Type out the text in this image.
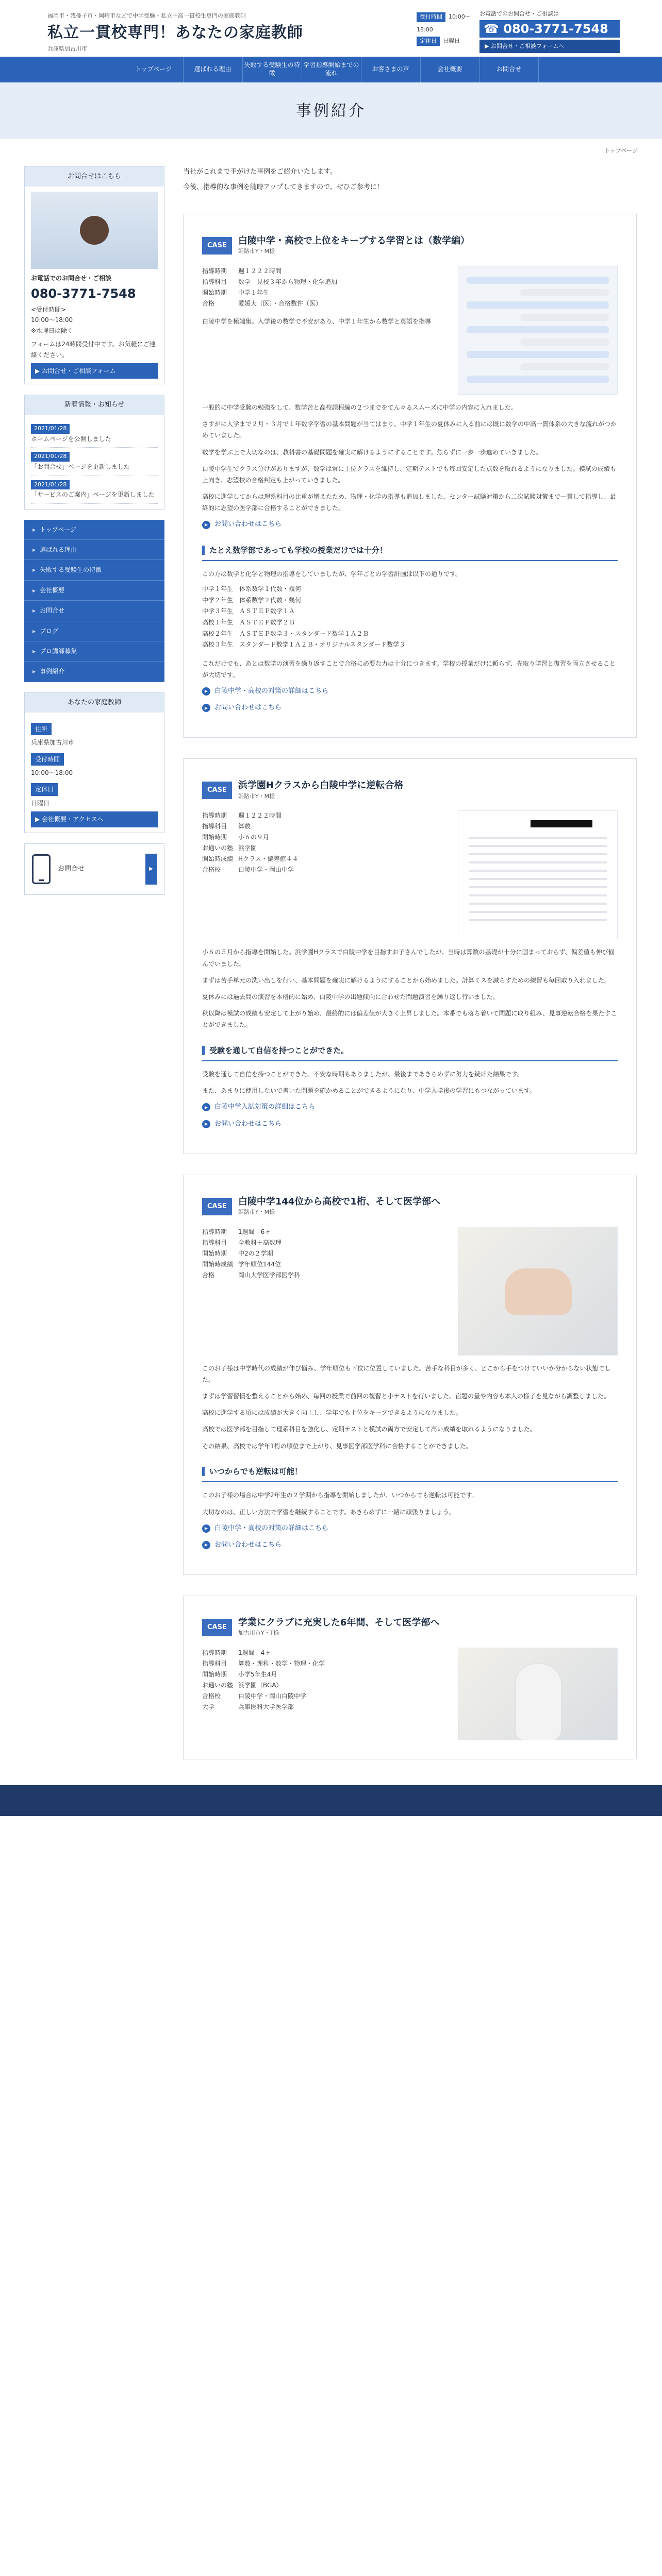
福岡市・我孫子市・岡崎市などで中学受験・私立中高一貫校生専門の家庭教師
私立一貫校専門！あなたの家庭教師
兵庫県加古川市
受付時間 10:00〜18:00
定休日 日曜日
お電話でのお問合せ・ご相談は
☎ 080-3771-7548
▶ お問合せ・ご相談フォームへ
トップページ	選ばれる理由
失敗する受験生の特徴
学習指導開始までの流れ
お客さまの声	会社概要	お問合せ
事例紹介
トップページ
お問合せはこちら
お電話でのお問合せ・ご相談
080-3771-7548
<受付時間>
10:00〜18:00
※水曜日は除く
フォームは24時間受付中です。お気軽にご連絡ください。
▶ お問合せ・ご相談フォーム
新着情報・お知らせ
2021/01/28
ホームページを公開しました
2021/01/28
「お問合せ」ページを更新しました
2021/01/28
「サービスのご案内」ページを更新しました
▶ トップページ
▶ 選ばれる理由
▶ 失敗する受験生の特徴
▶ 会社概要
▶ お問合せ
▶ ブログ
▶ プロ講師募集
▶ 事例紹介
あなたの家庭教師
住所
兵庫県加古川市
受付時間
10:00〜18:00
定休日
日曜日
▶ 会社概要・アクセスへ
お問合せ	▶

当社がこれまで手がけた事例をご紹介いたします。

今後、指導的な事例を随時アップしてきますので、ぜひご参考に！

CASE	白陵中学・高校で上位をキープする学習とは（数学編）
姫路市Y・M様
指導時期	週１２２２時間
指導科目	数学　見校３年から物理・化学追加
開始時期	中学１年生
合格	愛媛大（医）・合格数件（医）
白陵中学を極端集。入学後の数学で不安があり、中学１年生から数学と英語を指導

一般的に中学受験の勉強をして、数学苦と高校課程編の２つまでをてん々るスムーズに中学の内容に入れました。

さすがに入学まで２月・３月で１年数学学習の基本問題が当てはまり、中学１年生の夏休みに入る前には既に数学の中高一貫体系の大きな流れがつかめていました。

数学を学ぶ上で大切なのは、教科書の基礎問題を確実に解けるようにすることです。焦らずに一歩一歩進めていきました。

白陵中学生でクラス分けがありますが、数学は常に上位クラスを維持し、定期テストでも毎回安定した点数を取れるようになりました。模試の成績も上向き、志望校の合格判定も上がっていきました。

高校に進学してからは理系科目の比重が増えたため、物理・化学の指導も追加しました。センター試験対策から二次試験対策まで一貫して指導し、最終的に志望の医学部に合格することができました。

▶ お問い合わせはこちら
たとえ数学部であっても学校の授業だけでは十分！
この方は数学と化学と物理の指導をしていましたが、学年ごとの学習計画は以下の通りです。
中学１年生　体系数学１代数・幾何
中学２年生　体系数学２代数・幾何
中学３年生　ＡＳＴＥＰ数学１Ａ
高校１年生　ＡＳＴＥＰ数学２Ｂ
高校２年生　ＡＳＴＥＰ数学３・スタンダード数学１Ａ２Ｂ
高校３年生　スタンダード数学１Ａ２Ｂ・オリジナルスタンダード数学３

これだけでも、あとは数学の演習を繰り返すことで合格に必要な力は十分につきます。学校の授業だけに頼らず、先取り学習と復習を両立させることが大切です。

▶ 白陵中学・高校の対策の詳細はこちら
▶ お問い合わせはこちら
CASE	浜学園Hクラスから白陵中学に逆転合格
姫路市Y・M様
指導時期	週１２２２時間
指導科目	算数
開始時期	小６の９月
お通いの塾 浜学園
開始時成績 Hクラス・偏差値４４
合格校	白陵中学・岡山中学

小６の５月から指導を開始した。浜学園Hクラスで白陵中学を目指すお子さんでしたが、当時は算数の基礎が十分に固まっておらず、偏差値も伸び悩んでいました。

まずは苦手単元の洗い出しを行い、基本問題を確実に解けるようにすることから始めました。計算ミスを減らすための練習も毎回取り入れました。

夏休みには過去問の演習を本格的に始め、白陵中学の出題傾向に合わせた問題演習を繰り返し行いました。

秋以降は模試の成績も安定して上がり始め、最終的には偏差値が大きく上昇しました。本番でも落ち着いて問題に取り組み、見事逆転合格を果たすことができました。

受験を通して自信を持つことができた。

受験を通して自信を持つことができた。不安な時期もありましたが、最後まであきらめずに努力を続けた結果です。

また、あまりに使用しないで書いた問題を確かめることができるようになり、中学入学後の学習にもつながっています。

▶ 白陵中学入試対策の詳細はこちら
▶ お問い合わせはこちら
CASE	白陵中学144位から高校で1桁、そして医学部へ
姫路市Y・M様
指導時期	1週間　6ヶ
指導科目	全教科＋高数理
開始時期	中2の２学期
開始時成績 学年順位144位
合格	岡山大学医学部医学科

このお子様は中学時代の成績が伸び悩み、学年順位も下位に位置していました。苦手な科目が多く、どこから手をつけていいか分からない状態でした。

まずは学習習慣を整えることから始め、毎回の授業で前回の復習と小テストを行いました。宿題の量や内容も本人の様子を見ながら調整しました。

高校に進学する頃には成績が大きく向上し、学年でも上位をキープできるようになりました。

高校では医学部を目指して理系科目を強化し、定期テストと模試の両方で安定して高い成績を取れるようになりました。

その結果、高校では学年1桁の順位まで上がり、見事医学部医学科に合格することができました。

いつからでも逆転は可能！

このお子様の場合は中学2年生の２学期から指導を開始しましたが、いつからでも逆転は可能です。

大切なのは、正しい方法で学習を継続することです。あきらめずに一緒に頑張りましょう。

▶ 白陵中学・高校の対策の詳細はこちら
▶ お問い合わせはこちら
CASE	学業にクラブに充実した6年間、そして医学部へ
加古川市Y・T様
指導時期	1週間　4ヶ
指導科目	算数・理科・数学・物理・化学
開始時期	小学5年生4月
お通いの塾 浜学園（BGA）
合格校	白陵中学・岡山白陵中学
大学	兵庫医科大学医学部
